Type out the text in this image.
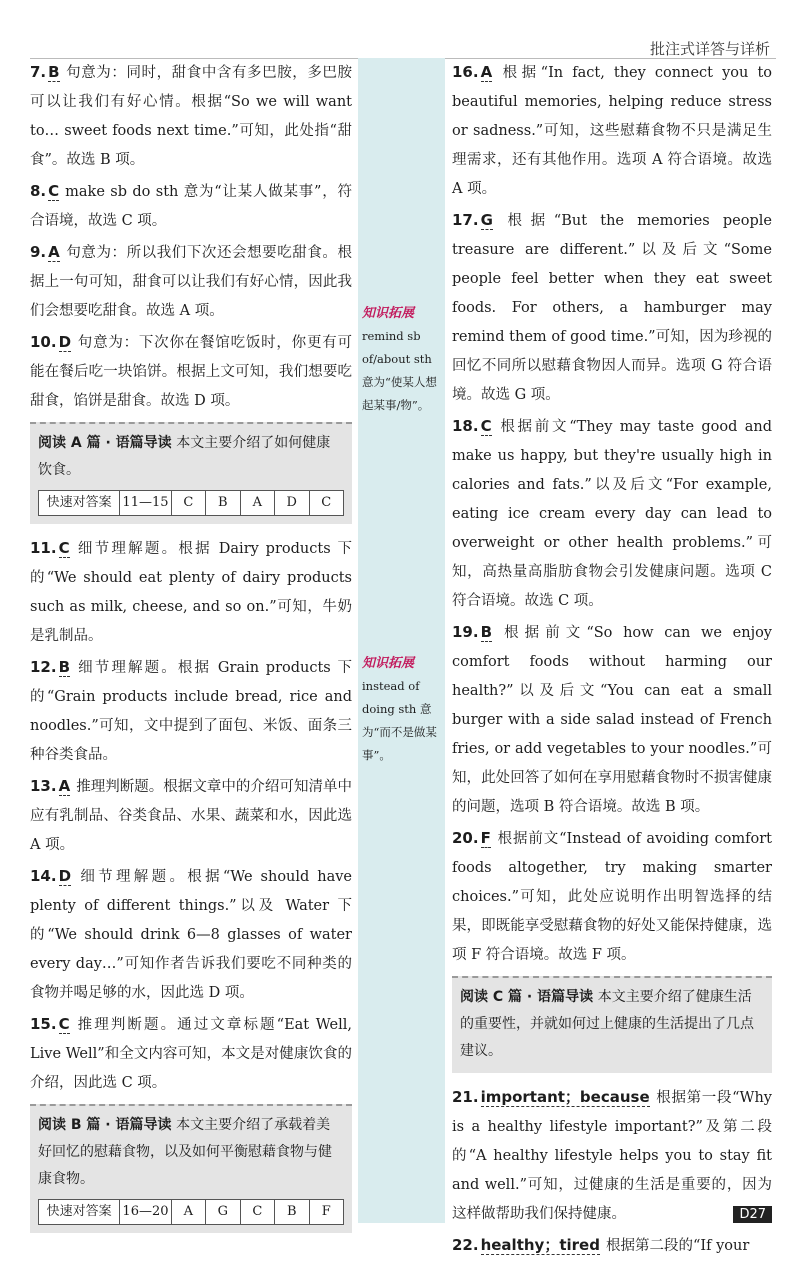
批注式详答与详析
7. B 句意为：同时，甜食中含有多巴胺，多巴胺可以让我们有好心情。根据“So we will want to… sweet foods next time.”可知，此处指“甜食”。故选 B 项。
8. C make sb do sth 意为“让某人做某事”，符合语境，故选 C 项。
9. A 句意为：所以我们下次还会想要吃甜食。根据上一句可知，甜食可以让我们有好心情，因此我们会想要吃甜食。故选 A 项。
10. D 句意为：下次你在餐馆吃饭时，你更有可能在餐后吃一块馅饼。根据上文可知，我们想要吃甜食，馅饼是甜食。故选 D 项。
阅读 A 篇 · 语篇导读 本文主要介绍了如何健康饮食。
快速对答案 11—15	C	B	A	D	C
11. C 细节理解题。根据 Dairy products 下的“We should eat plenty of dairy products such as milk, cheese, and so on.”可知，牛奶是乳制品。
12. B 细节理解题。根据 Grain products 下的“Grain products include bread, rice and noodles.”可知，文中提到了面包、米饭、面条三种谷类食品。
13. A 推理判断题。根据文章中的介绍可知清单中应有乳制品、谷类食品、水果、蔬菜和水，因此选 A 项。
14. D 细节理解题。根据“We should have plenty of different things.”以及 Water 下的“We should drink 6—8 glasses of water every day…”可知作者告诉我们要吃不同种类的食物并喝足够的水，因此选 D 项。
15. C 推理判断题。通过文章标题“Eat Well, Live Well”和全文内容可知，本文是对健康饮食的介绍，因此选 C 项。
阅读 B 篇 · 语篇导读 本文主要介绍了承载着美好回忆的慰藉食物，以及如何平衡慰藉食物与健康食物。
快速对答案 16—20	A	G	C	B	F
知识拓展
remind sb of/about sth 意为“使某人想起某事/物”。
知识拓展
instead of doing sth 意为“而不是做某事”。
16. A 根据“In fact, they connect you to beautiful memories, helping reduce stress or sadness.”可知，这些慰藉食物不只是满足生理需求，还有其他作用。选项 A 符合语境。故选 A 项。
17. G 根据“But the memories people treasure are different.”以及后文“Some people feel better when they eat sweet foods. For others, a hamburger may remind them of good time.”可知，因为珍视的回忆不同所以慰藉食物因人而异。选项 G 符合语境。故选 G 项。
18. C 根据前文“They may taste good and make us happy, but they're usually high in calories and fats.”以及后文“For example, eating ice cream every day can lead to overweight or other health problems.”可知，高热量高脂肪食物会引发健康问题。选项 C 符合语境。故选 C 项。
19. B 根据前文“So how can we enjoy comfort foods without harming our health?”以及后文“You can eat a small burger with a side salad instead of French fries, or add vegetables to your noodles.”可知，此处回答了如何在享用慰藉食物时不损害健康的问题，选项 B 符合语境。故选 B 项。
20. F 根据前文“Instead of avoiding comfort foods altogether, try making smarter choices.”可知，此处应说明作出明智选择的结果，即既能享受慰藉食物的好处又能保持健康，选项 F 符合语境。故选 F 项。
阅读 C 篇 · 语篇导读 本文主要介绍了健康生活的重要性，并就如何过上健康的生活提出了几点建议。
21. important；because 根据第一段“Why is a healthy lifestyle important?”及第二段的“A healthy lifestyle helps you to stay fit and well.”可知，过健康的生活是重要的，因为这样做帮助我们保持健康。
22. healthy；tired 根据第二段的“If your
D27
